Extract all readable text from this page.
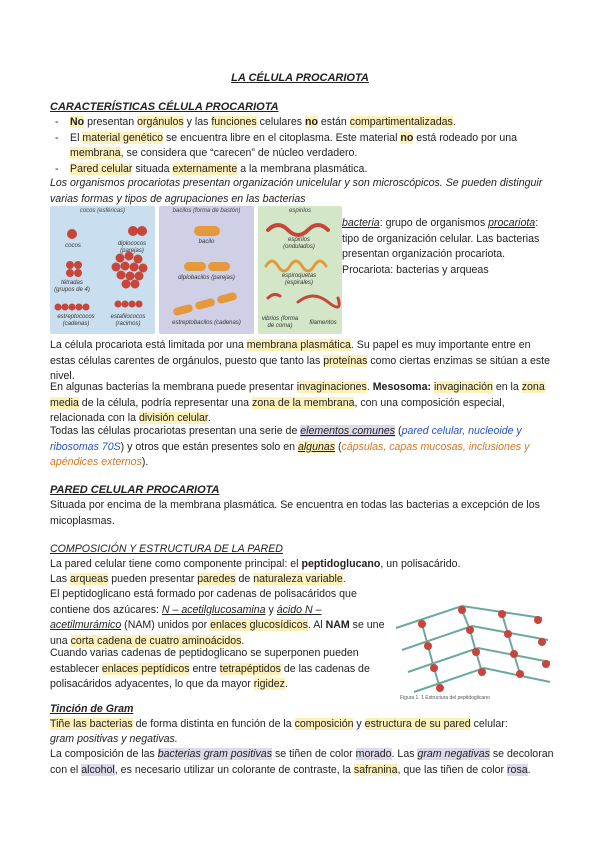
LA CÉLULA PROCARIOTA
CARACTERÍSTICAS CÉLULA PROCARIOTA
- No presentan orgánulos y las funciones celulares no están compartimentalizadas.
- El material genético se encuentra libre en el citoplasma. Este material no está rodeado por una membrana, se considera que “carecen” de núcleo verdadero.
- Pared celular situada externamente a la membrana plasmática.
Los organismos procariotas presentan organización unicelular y son microscópicos. Se pueden distinguir varias formas y tipos de agrupaciones en las bacterias
cocos (esféricas)
cocos	diplococos (parejas)
tétradas (grupos de 4)
estreptococos (cadenas)
estafilococos (racimos)
bacilos (forma de bastón)
bacilo
diplobacilos (parejas)
estreptobacilos (cadenas)
espirilos
espirilos (ondulados)
espiroquetas (espirales)
vibrios (forma de coma)	filamentos
bacteria: grupo de organismos procariota: tipo de organización celular. Las bacterias presentan organización procariota. Procariota: bacterias y arqueas
La célula procariota está limitada por una membrana plasmática. Su papel es muy importante entre en estas células carentes de orgánulos, puesto que tanto las proteínas como ciertas enzimas se sitúan a este nivel.
En algunas bacterias la membrana puede presentar invaginaciones. Mesosoma: invaginación en la zona media de la célula, podría representar una zona de la membrana, con una composición especial, relacionada con la división celular.
Todas las células procariotas presentan una serie de elementos comunes (pared celular, nucleoide y ribosomas 70S) y otros que están presentes solo en algunas (cápsulas, capas mucosas, inclusiones y apéndices externos).
PARED CELULAR PROCARIOTA
Situada por encima de la membrana plasmática. Se encuentra en todas las bacterias a excepción de los micoplasmas.
COMPOSICIÓN Y ESTRUCTURA DE LA PARED
La pared celular tiene como componente principal: el peptidoglucano, un polisacárido.
Las arqueas pueden presentar paredes de naturaleza variable.
El peptidoglicano está formado por cadenas de polisacáridos que contiene dos azúcares: N – acetilglucosamina y ácido N – acetilmurámico (NAM) unidos por enlaces glucosídicos. Al NAM se une una corta cadena de cuatro aminoácidos.
Cuando varias cadenas de peptidoglicano se superponen pueden establecer enlaces peptídicos entre tetrapéptidos de las cadenas de polisacáridos adyacentes, lo que da mayor rigidez.
Figura 1. 1 Estructura del peptidoglicano
Tinción de Gram
Tiñe las bacterias de forma distinta en función de la composición y estructura de su pared celular:
gram positivas y negativas.
La composición de las bacterias gram positivas se tiñen de color morado. Las gram negativas se decoloran con el alcohol, es necesario utilizar un colorante de contraste, la safranina, que las tiñen de color rosa.
